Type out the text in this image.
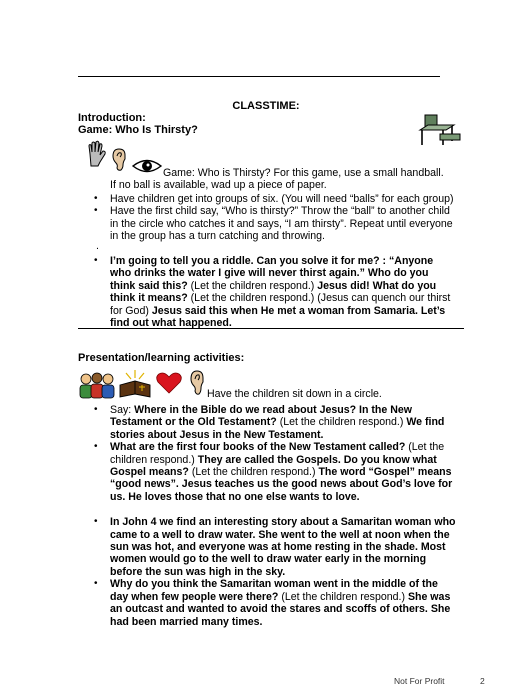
CLASSTIME:
Introduction:
Game: Who Is Thirsty?
Game: Who is Thirsty? For this game, use a small handball.
If no ball is available, wad up a piece of paper.
• Have children get into groups of six. (You will need “balls” for each group)
• Have the first child say, “Who is thirsty?” Throw the “ball” to another child in the circle who catches it and says, “I am thirsty”. Repeat until everyone in the group has a turn catching and throwing.
.
• I’m going to tell you a riddle. Can you solve it for me? : “Anyone who drinks the water I give will never thirst again.” Who do you think said this? (Let the children respond.) Jesus did! What do you think it means? (Let the children respond.) (Jesus can quench our thirst for God) Jesus said this when He met a woman from Samaria. Let’s find out what happened.
Presentation/learning activities:
Have the children sit down in a circle.
• Say: Where in the Bible do we read about Jesus? In the New Testament or the Old Testament? (Let the children respond.) We find stories about Jesus in the New Testament.
• What are the first four books of the New Testament called? (Let the children respond.) They are called the Gospels. Do you know what Gospel means? (Let the children respond.) The word “Gospel” means “good news”. Jesus teaches us the good news about God’s love for us. He loves those that no one else wants to love.
• In John 4 we find an interesting story about a Samaritan woman who came to a well to draw water. She went to the well at noon when the sun was hot, and everyone was at home resting in the shade. Most women would go to the well to draw water early in the morning before the sun was high in the sky.
• Why do you think the Samaritan woman went in the middle of the day when few people were there? (Let the children respond.) She was an outcast and wanted to avoid the stares and scoffs of others. She had been married many times.
Not For Profit	2
